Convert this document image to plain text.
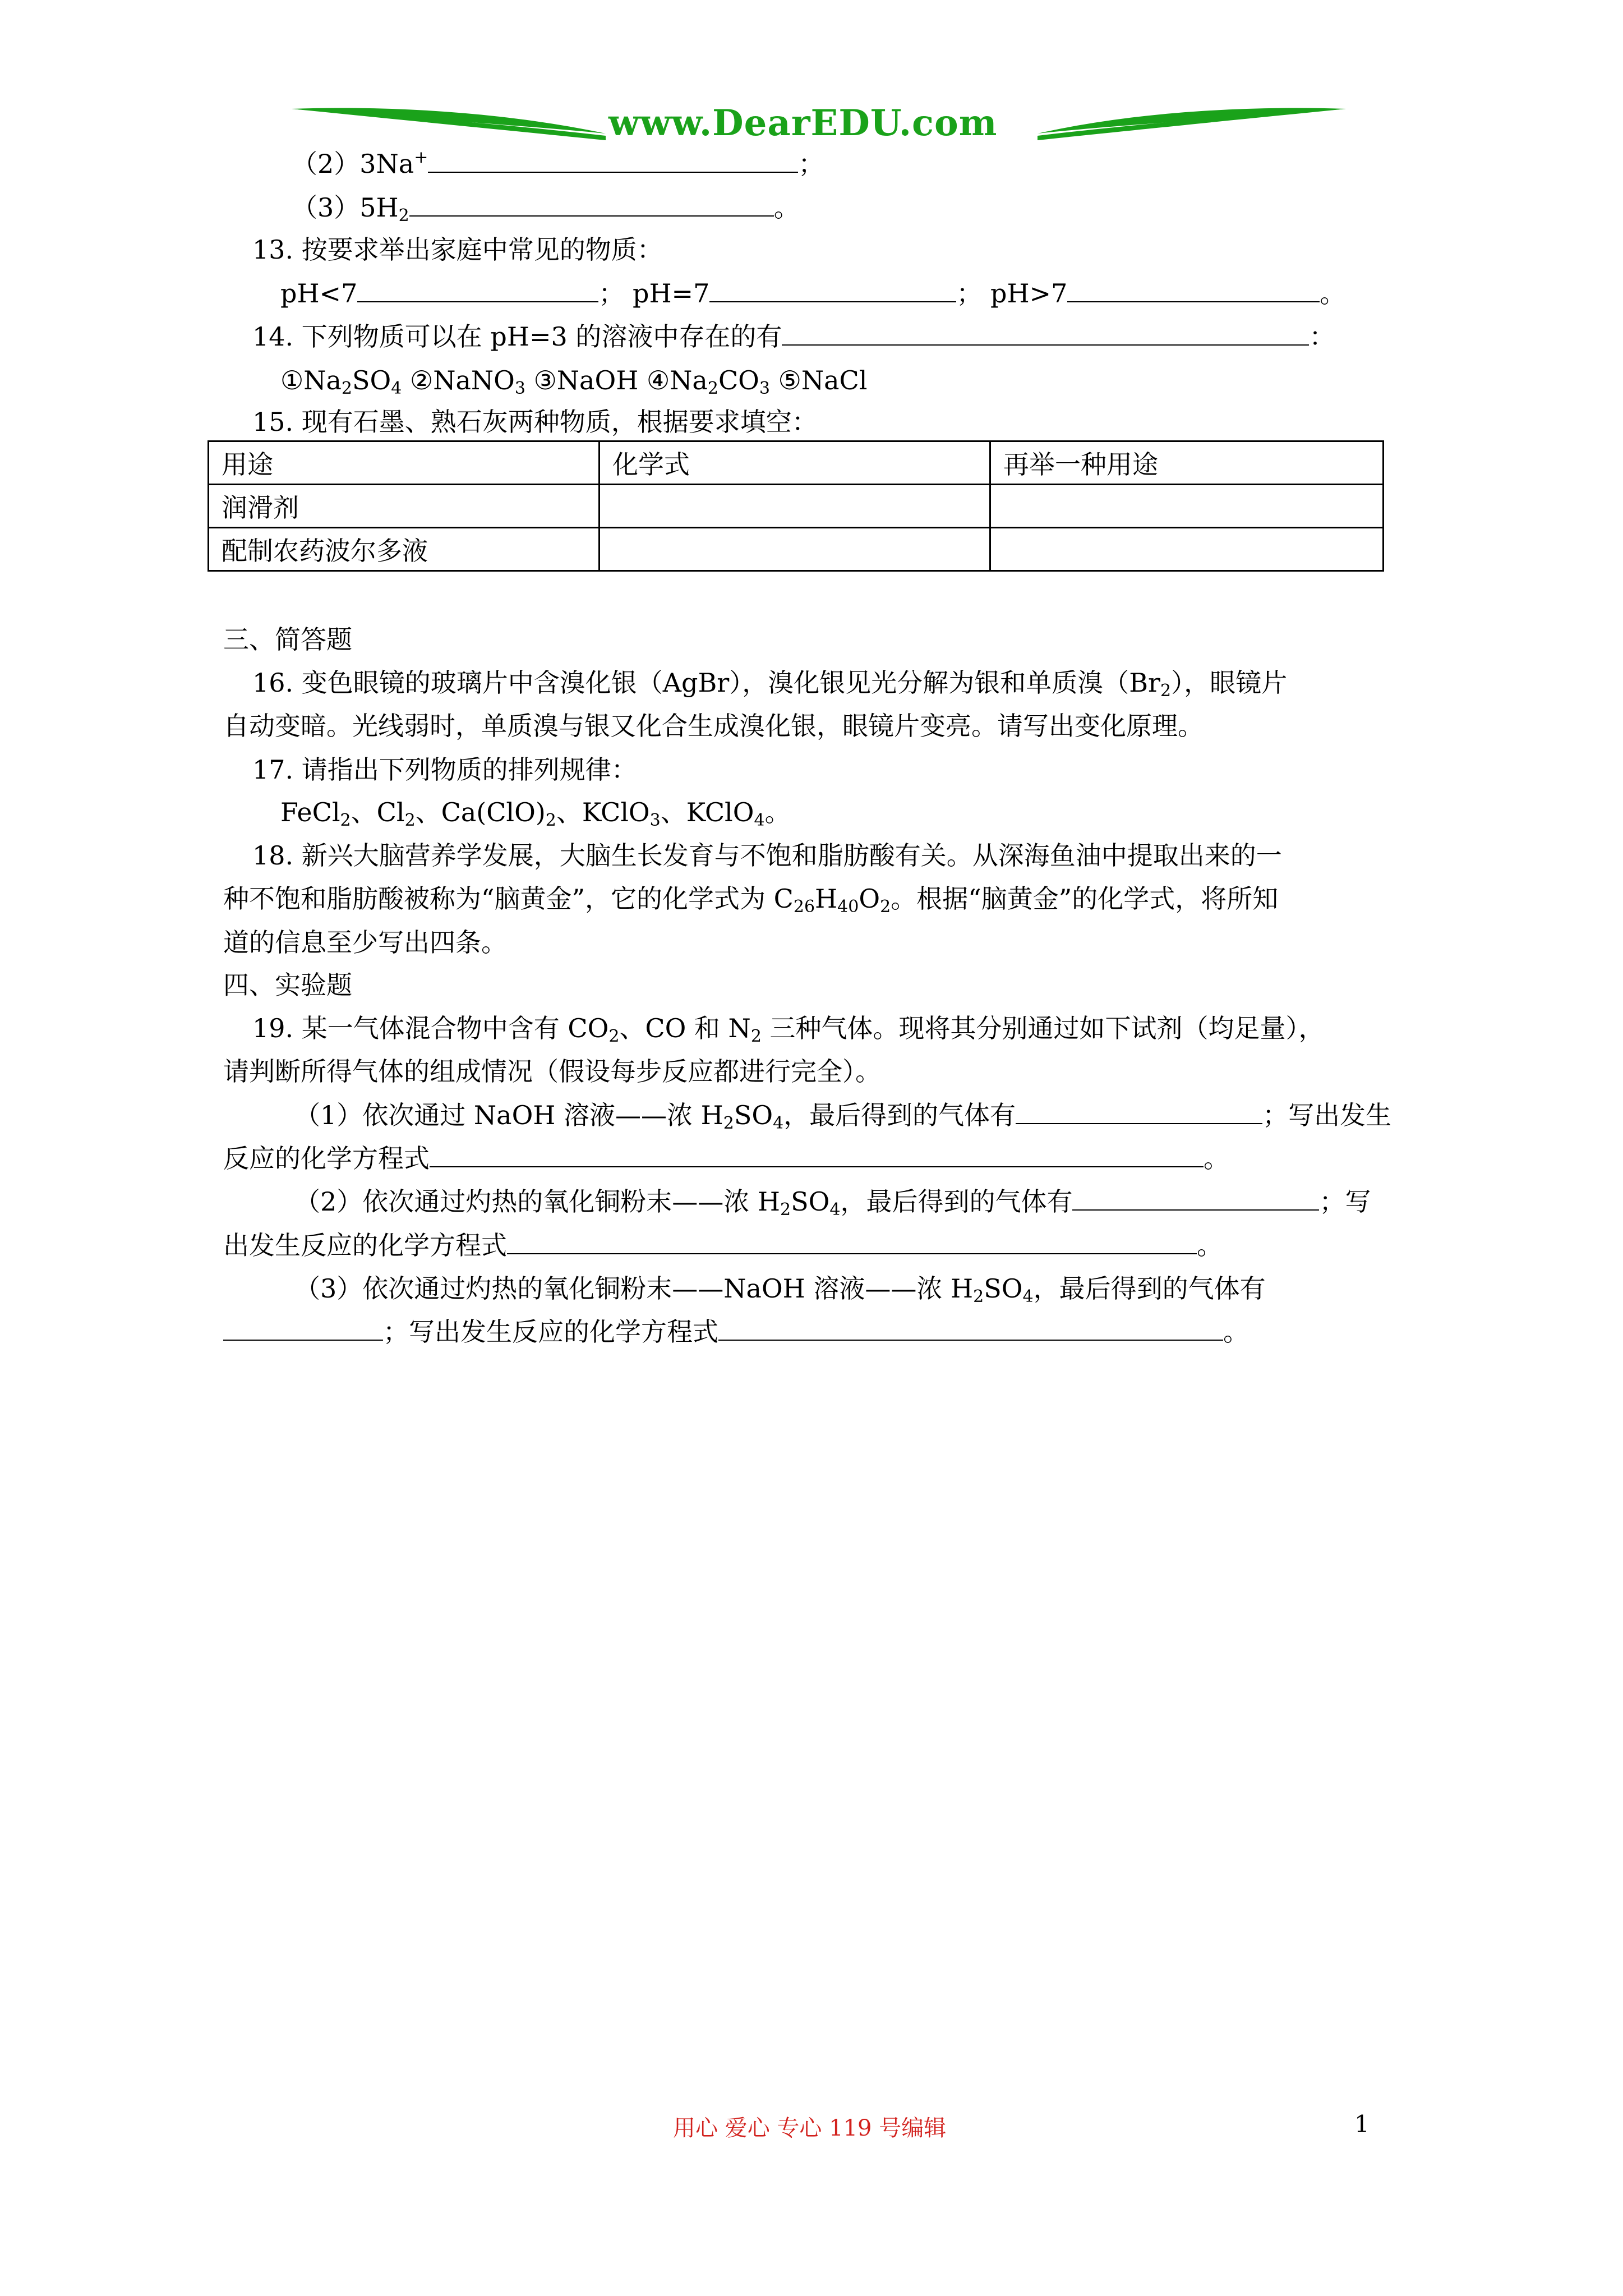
www.DearEDU.com
（2）3Na+	；
$(3)5H_2$	。
13. 按要求举出家庭中常见的物质：
pH<7	； pH=7	； pH>7	。
14. 下列物质可以在 pH=3 的溶液中存在的有	：
$①Na_2SO_4$ ②NaNO$_3$ ③NaOH $④Na_2CO_3$ ⑤NaCl
15. 现有石墨、熟石灰两种物质，根据要求填空：
用途	化学式	再举一种用途
润滑剂		
配制农药波尔多液		
三、简答题
16. 变色眼镜的玻璃片中含溴化银（AgBr），溴化银见光分解为银和单质溴$(Br_2)$，眼镜片
自动变暗。光线弱时，单质溴与银又化合生成溴化银，眼镜片变亮。请写出变化原理。
17. 请指出下列物质的排列规律：
FeCl$_2$、$Cl_2$、$Ca(ClO)_2$、KClO$_3$、KClO$_4$。
18. 新兴大脑营养学发展，大脑生长发育与不饱和脂肪酸有关。从深海鱼油中提取出来的一
种不饱和脂肪酸被称为“脑黄金”，它的化学式为 $C_{26}H_{40}O_2$。根据“脑黄金”的化学式，将所知
道的信息至少写出四条。
四、实验题
19. 某一气体混合物中含有 $CO_2$、CO 和 $N_2$ 三种气体。现将其分别通过如下试剂（均足量），
请判断所得气体的组成情况（假设每步反应都进行完全）。
（1）依次通过 NaOH 溶液——浓 $H_2SO_4$，最后得到的气体有	；写出发生
反应的化学方程式	。
（2）依次通过灼热的氧化铜粉末——浓 $H_2SO_4$，最后得到的气体有	；写
出发生反应的化学方程式	。
（3）依次通过灼热的氧化铜粉末——NaOH 溶液——浓 $H_2SO_4$，最后得到的气体有
；写出发生反应的化学方程式	。
用心 爱心 专心 119 号编辑	1
